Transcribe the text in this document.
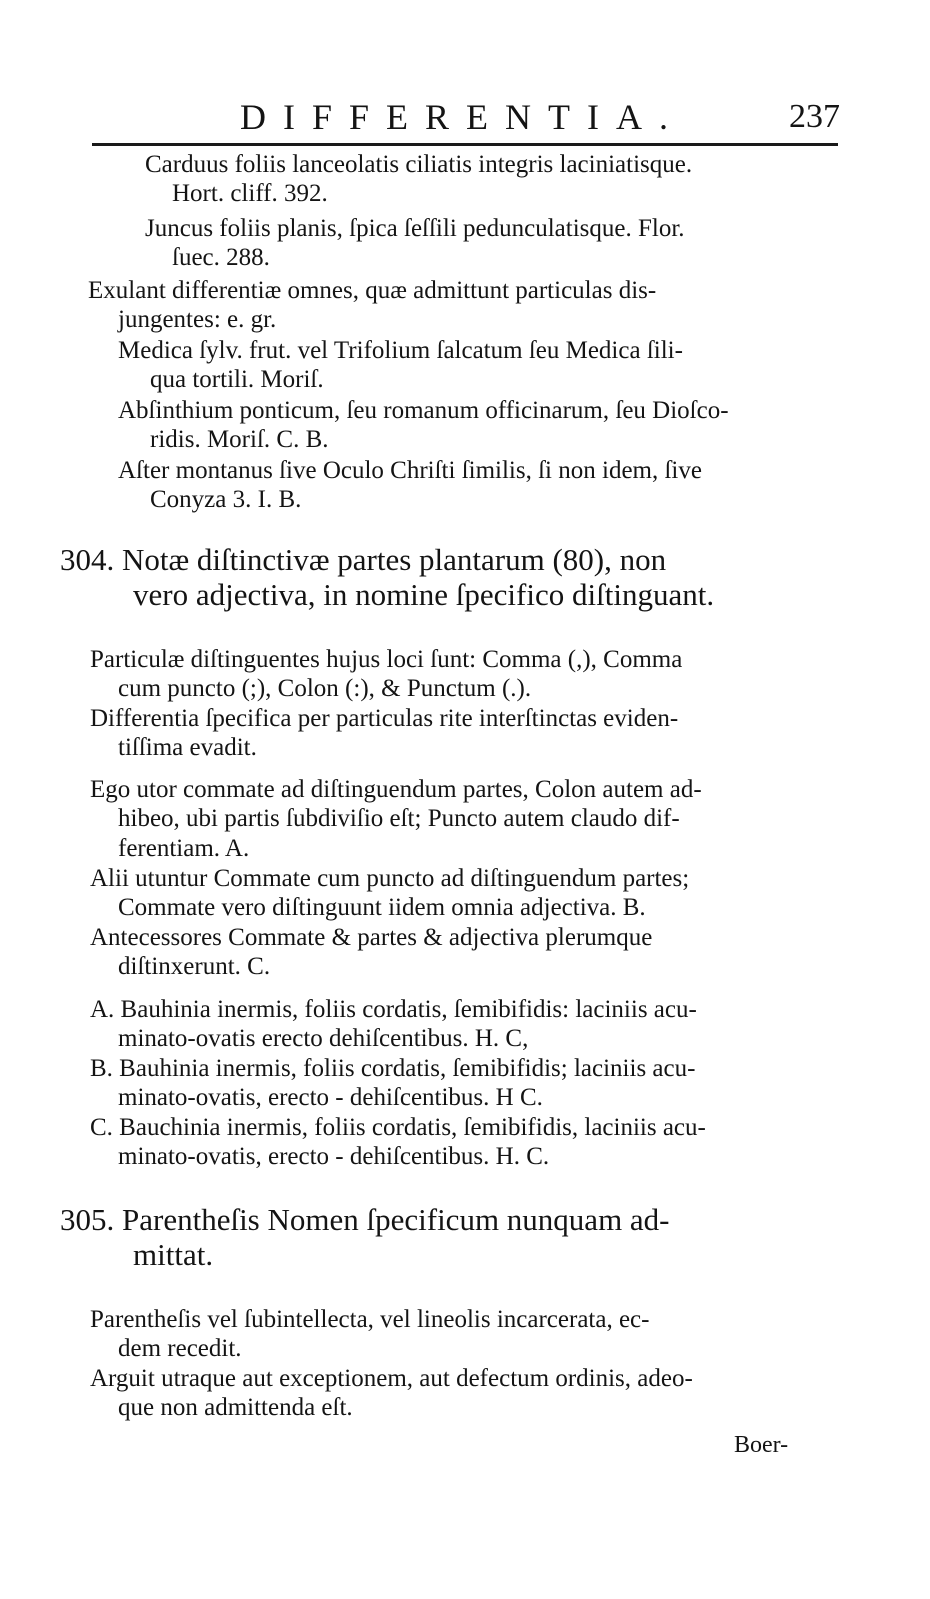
DIFFERENTIA.	237
Carduus foliis lanceolatis ciliatis integris laciniatisque.
Hort. cliff. 392.
Juncus foliis planis, ſpica ſeſſili pedunculatisque. Flor.
ſuec. 288.
Exulant differentiæ omnes, quæ admittunt particulas dis-
jungentes: e. gr.
Medica ſylv. frut. vel Trifolium ſalcatum ſeu Medica ſili-
qua tortili. Moriſ.
Abſinthium ponticum, ſeu romanum officinarum, ſeu Dioſco-
ridis. Moriſ. C. B.
Aſter montanus ſive Oculo Chriſti ſimilis, ſi non idem, ſive
Conyza 3. I. B.
304. Notæ diſtinctivæ partes plantarum (80), non
vero adjectiva, in nomine ſpecifico diſtinguant.
Particulæ diſtinguentes hujus loci ſunt: Comma (,), Comma
cum puncto (;), Colon (:), & Punctum (.).
Differentia ſpecifica per particulas rite interſtinctas eviden-
tiſſima evadit.
Ego utor commate ad diſtinguendum partes, Colon autem ad-
hibeo, ubi partis ſubdiviſio eſt; Puncto autem claudo dif-
ferentiam. A.
Alii utuntur Commate cum puncto ad diſtinguendum partes;
Commate vero diſtinguunt iidem omnia adjectiva. B.
Antecessores Commate & partes & adjectiva plerumque
diſtinxerunt. C.
A. Bauhinia inermis, foliis cordatis, ſemibifidis: laciniis acu-
minato-ovatis erecto dehiſcentibus. H. C,
B. Bauhinia inermis, foliis cordatis, ſemibifidis; laciniis acu-
minato-ovatis, erecto - dehiſcentibus. H C.
C. Bauchinia inermis, foliis cordatis, ſemibifidis, laciniis acu-
minato-ovatis, erecto - dehiſcentibus. H. C.
305. Parentheſis Nomen ſpecificum nunquam ad-
mittat.
Parentheſis vel ſubintellecta, vel lineolis incarcerata, ec-
dem recedit.
Arguit utraque aut exceptionem, aut defectum ordinis, adeo-
que non admittenda eſt.
Boer-
